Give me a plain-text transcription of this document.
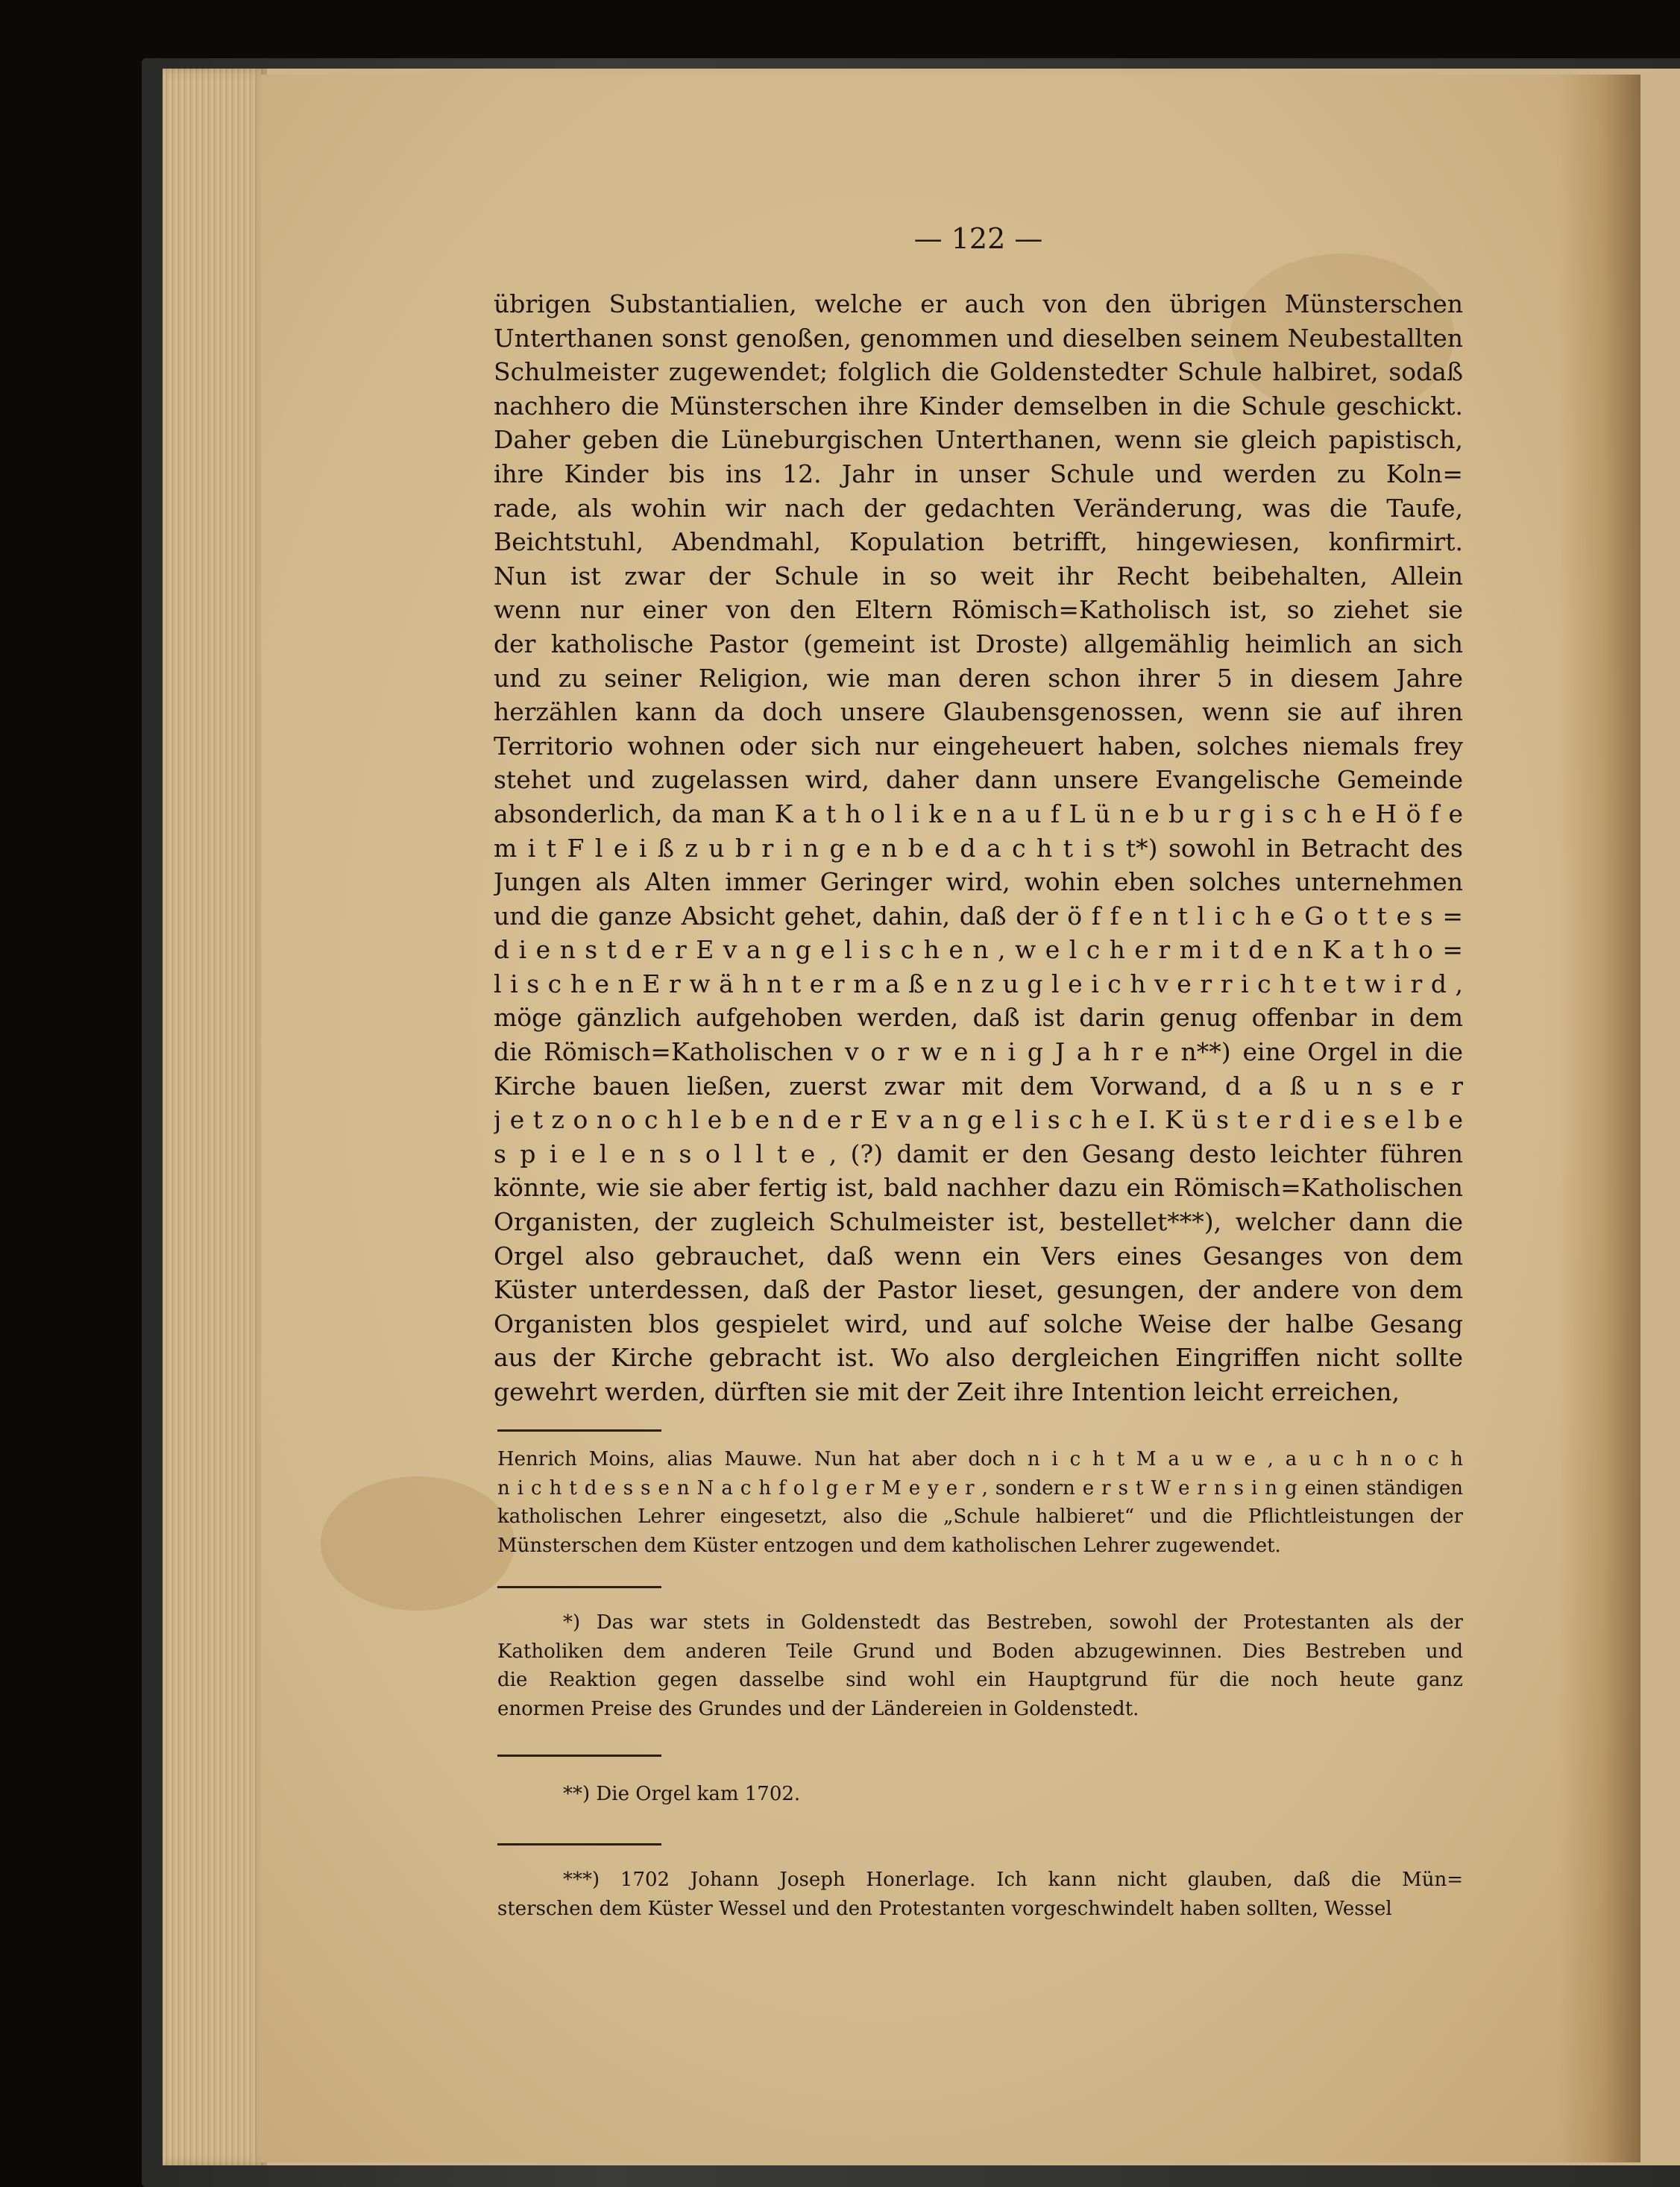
— 122 —
übrigen Substantialien, welche er auch von den übrigen Münsterschen
Unterthanen sonst genoßen, genommen und dieselben seinem Neubestallten
Schulmeister zugewendet; folglich die Goldenstedter Schule halbiret, sodaß
nachhero die Münsterschen ihre Kinder demselben in die Schule geschickt.
Daher geben die Lüneburgischen Unterthanen, wenn sie gleich papistisch,
ihre Kinder bis ins 12. Jahr in unser Schule und werden zu Koln=
rade, als wohin wir nach der gedachten Veränderung, was die Taufe,
Beichtstuhl, Abendmahl, Kopulation betrifft, hingewiesen, konfirmirt.
Nun ist zwar der Schule in so weit ihr Recht beibehalten, Allein
wenn nur einer von den Eltern Römisch=Katholisch ist, so ziehet sie
der katholische Pastor (gemeint ist Droste) allgemählig heimlich an sich
und zu seiner Religion, wie man deren schon ihrer 5 in diesem Jahre
herzählen kann da doch unsere Glaubensgenossen, wenn sie auf ihren
Territorio wohnen oder sich nur eingeheuert haben, solches niemals frey
stehet und zugelassen wird, daher dann unsere Evangelische Gemeinde
absonderlich, da man K a t h o l i k e n a u f L ü n e b u r g i s c h e H ö f e
m i t F l e i ß z u b r i n g e n b e d a c h t i s t*) sowohl in Betracht des
Jungen als Alten immer Geringer wird, wohin eben solches unternehmen
und die ganze Absicht gehet, dahin, daß der ö f f e n t l i c h e G o t t e s =
d i e n s t d e r E v a n g e l i s c h e n , w e l c h e r m i t d e n K a t h o =
l i s c h e n E r w ä h n t e r m a ß e n z u g l e i c h v e r r i c h t e t w i r d ,
möge gänzlich aufgehoben werden, daß ist darin genug offenbar in dem
die Römisch=Katholischen v o r w e n i g J a h r e n**) eine Orgel in die
Kirche bauen ließen, zuerst zwar mit dem Vorwand, d a ß u n s e r
j e t z o n o c h l e b e n d e r E v a n g e l i s c h e I. K ü s t e r d i e s e l b e
s p i e l e n s o l l t e , (?) damit er den Gesang desto leichter führen
könnte, wie sie aber fertig ist, bald nachher dazu ein Römisch=Katholischen
Organisten, der zugleich Schulmeister ist, bestellet***), welcher dann die
Orgel also gebrauchet, daß wenn ein Vers eines Gesanges von dem
Küster unterdessen, daß der Pastor lieset, gesungen, der andere von dem
Organisten blos gespielet wird, und auf solche Weise der halbe Gesang
aus der Kirche gebracht ist. Wo also dergleichen Eingriffen nicht sollte
gewehrt werden, dürften sie mit der Zeit ihre Intention leicht erreichen,
Henrich Moins, alias Mauwe. Nun hat aber doch n i c h t M a u w e , a u c h n o c h
n i c h t d e s s e n N a c h f o l g e r M e y e r , sondern e r s t W e r n s i n g einen ständigen
katholischen Lehrer eingesetzt, also die „Schule halbieret“ und die Pflichtleistungen der
Münsterschen dem Küster entzogen und dem katholischen Lehrer zugewendet.
*) Das war stets in Goldenstedt das Bestreben, sowohl der Protestanten als der
Katholiken dem anderen Teile Grund und Boden abzugewinnen. Dies Bestreben und
die Reaktion gegen dasselbe sind wohl ein Hauptgrund für die noch heute ganz
enormen Preise des Grundes und der Ländereien in Goldenstedt.
**) Die Orgel kam 1702.
***) 1702 Johann Joseph Honerlage. Ich kann nicht glauben, daß die Mün=
sterschen dem Küster Wessel und den Protestanten vorgeschwindelt haben sollten, Wessel
